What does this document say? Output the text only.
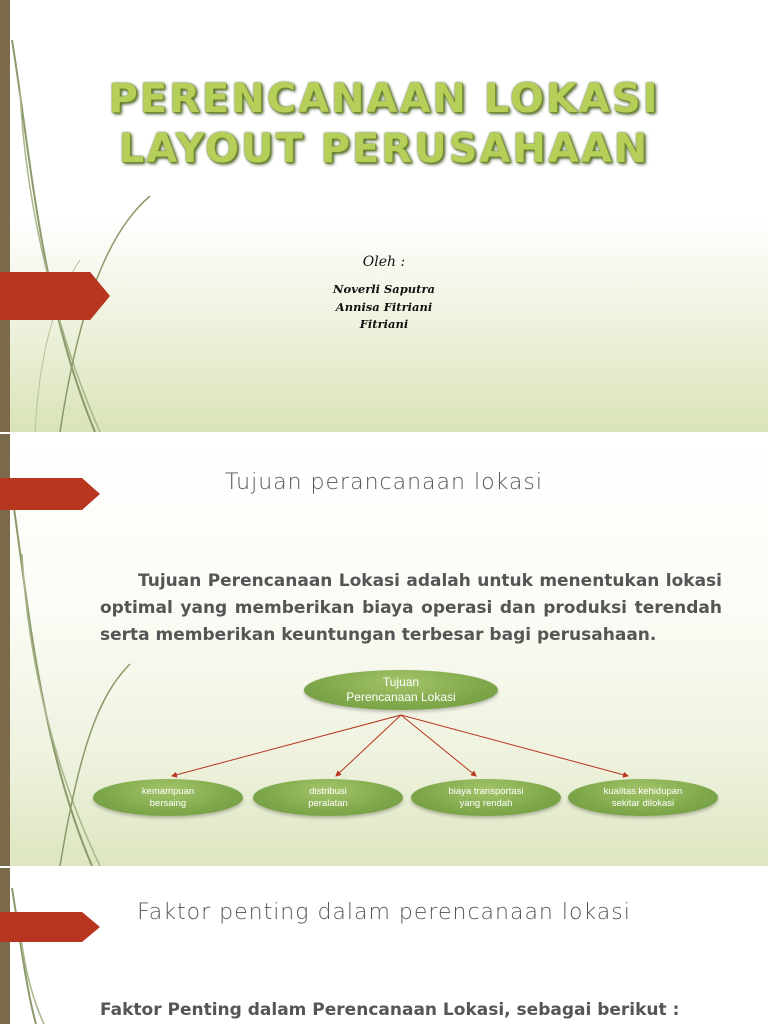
PERENCANAAN LOKASI
LAYOUT PERUSAHAAN
Oleh :
Noverli Saputra
Annisa Fitriani
Fitriani
Tujuan perancanaan lokasi
Tujuan Perencanaan Lokasi adalah untuk menentukan lokasi optimal yang memberikan biaya operasi dan produksi terendah serta memberikan keuntungan terbesar bagi perusahaan.
Tujuan
Perencanaan Lokasi
kemampuan
bersaing
distribusi
peralatan
biaya transportasi
yang rendah
kualitas kehidupan
sekitar dilokasi
Faktor penting dalam perencanaan lokasi
Faktor Penting dalam Perencanaan Lokasi, sebagai berikut :
